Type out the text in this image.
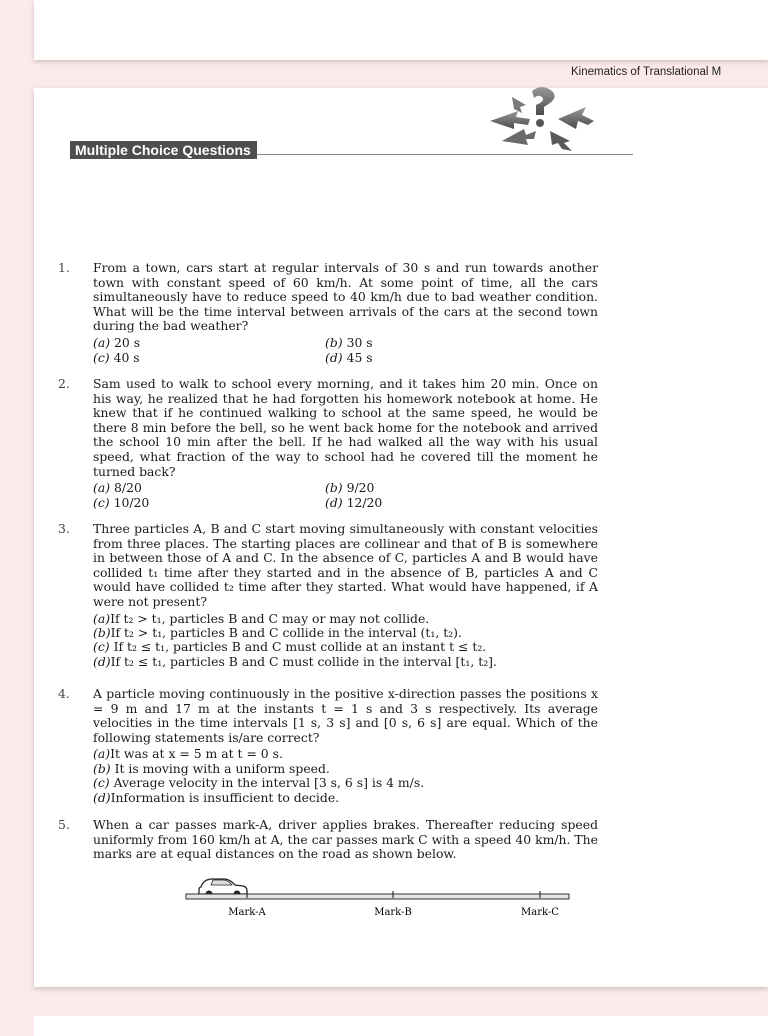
Kinematics of Translational M
Multiple Choice Questions
1. From a town, cars start at regular intervals of 30 s and run towards another town with constant speed of 60 km/h. At some point of time, all the cars simultaneously have to reduce speed to 40 km/h due to bad weather condition. What will be the time interval between arrivals of the cars at the second town during the bad weather?
(a) 20 s	(b) 30 s
(c) 40 s	(d) 45 s
2. Sam used to walk to school every morning, and it takes him 20 min. Once on his way, he realized that he had forgotten his homework notebook at home. He knew that if he continued walking to school at the same speed, he would be there 8 min before the bell, so he went back home for the notebook and arrived the school 10 min after the bell. If he had walked all the way with his usual speed, what fraction of the way to school had he covered till the moment he turned back?
(a) 8/20	(b) 9/20
(c) 10/20	(d) 12/20
3. Three particles A, B and C start moving simultaneously with constant velocities from three places. The starting places are collinear and that of B is somewhere in between those of A and C. In the absence of C, particles A and B would have collided t₁ time after they started and in the absence of B, particles A and C would have collided t₂ time after they started. What would have happened, if A were not present?
(a)If t₂ > t₁, particles B and C may or may not collide.
(b)If t₂ > t₁, particles B and C collide in the interval (t₁, t₂).
(c) If t₂ ≤ t₁, particles B and C must collide at an instant t ≤ t₂.
(d)If t₂ ≤ t₁, particles B and C must collide in the interval [t₁, t₂].
4. A particle moving continuously in the positive x-direction passes the positions x = 9 m and 17 m at the instants t = 1 s and 3 s respectively. Its average velocities in the time intervals [1 s, 3 s] and [0 s, 6 s] are equal. Which of the following statements is/are correct?
(a)It was at x = 5 m at t = 0 s.
(b) It is moving with a uniform speed.
(c) Average velocity in the interval [3 s, 6 s] is 4 m/s.
(d)Information is insufficient to decide.
5. When a car passes mark-A, driver applies brakes. Thereafter reducing speed uniformly from 160 km/h at A, the car passes mark C with a speed 40 km/h. The marks are at equal distances on the road as shown below.
Mark-A	Mark-B	Mark-C
